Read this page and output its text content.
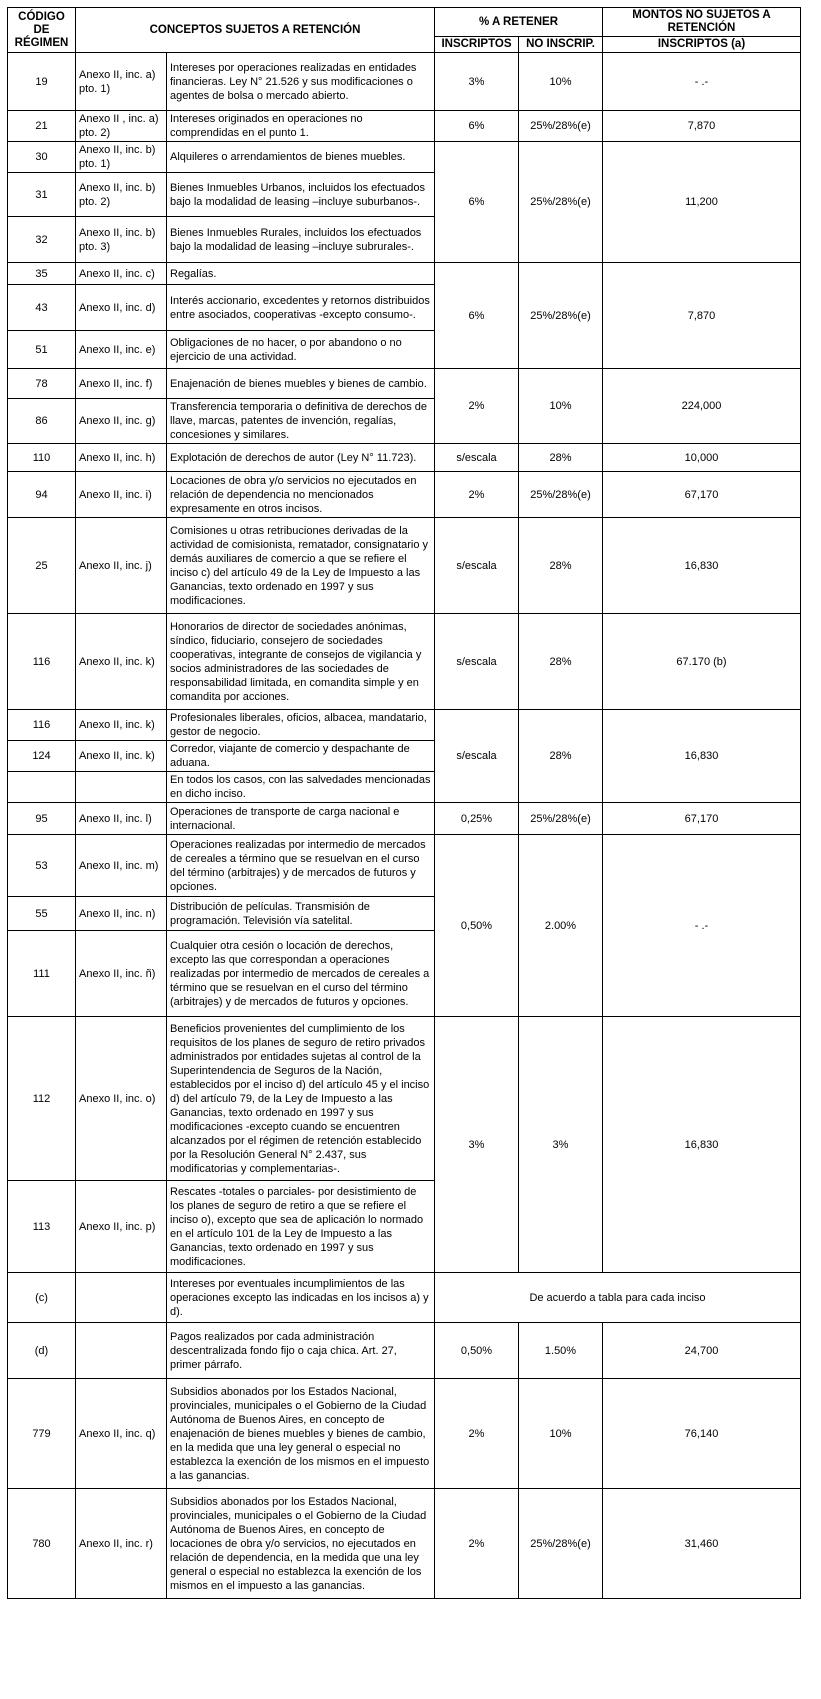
CÓDIGO DE RÉGIMEN	CONCEPTOS SUJETOS A RETENCIÓN		% A RETENER		MONTOS NO SUJETOS A RETENCIÓN
			INSCRIPTOS	NO INSCRIP.	INSCRIPTOS (a)
19	Anexo II, inc. a) pto. 1)	Intereses por operaciones realizadas en entidades financieras. Ley N° 21.526 y sus modificaciones o agentes de bolsa o mercado abierto.	3%	10%	- .-
21	Anexo II , inc. a) pto. 2)	Intereses originados en operaciones no comprendidas en el punto 1.	6%	25%/28%(e)	7,870
30	Anexo II, inc. b) pto. 1)	Alquileres o arrendamientos de bienes muebles.	6%	25%/28%(e)	11,200
31	Anexo II, inc. b) pto. 2)	Bienes Inmuebles Urbanos, incluidos los efectuados bajo la modalidad de leasing –incluye suburbanos-.			
32	Anexo II, inc. b) pto. 3)	Bienes Inmuebles Rurales, incluidos los efectuados bajo la modalidad de leasing –incluye subrurales-.			
35	Anexo II, inc. c)	Regalías.	6%	25%/28%(e)	7,870
43	Anexo II, inc. d)	Interés accionario, excedentes y retornos distribuidos entre asociados, cooperativas -excepto consumo-.			
51	Anexo II, inc. e)	Obligaciones de no hacer, o por abandono o no ejercicio de una actividad.			
78	Anexo II, inc. f)	Enajenación de bienes muebles y bienes de cambio.	2%	10%	224,000
86	Anexo II, inc. g)	Transferencia temporaria o definitiva de derechos de llave, marcas, patentes de invención, regalías, concesiones y similares.			
110	Anexo II, inc. h)	Explotación de derechos de autor (Ley N° 11.723).	s/escala	28%	10,000
94	Anexo II, inc. i)	Locaciones de obra y/o servicios no ejecutados en relación de dependencia no mencionados expresamente en otros incisos.	2%	25%/28%(e)	67,170
25	Anexo II, inc. j)	Comisiones u otras retribuciones derivadas de la actividad de comisionista, rematador, consignatario y demás auxiliares de comercio a que se refiere el inciso c) del artículo 49 de la Ley de Impuesto a las Ganancias, texto ordenado en 1997 y sus modificaciones.	s/escala	28%	16,830
116	Anexo II, inc. k)	Honorarios de director de sociedades anónimas, síndico, fiduciario, consejero de sociedades cooperativas, integrante de consejos de vigilancia y socios administradores de las sociedades de responsabilidad limitada, en comandita simple y en comandita por acciones.	s/escala	28%	67.170 (b)
116	Anexo II, inc. k)	Profesionales liberales, oficios, albacea, mandatario, gestor de negocio.	s/escala	28%	16,830
124	Anexo II, inc. k)	Corredor, viajante de comercio y despachante de aduana.			
		En todos los casos, con las salvedades mencionadas en dicho inciso.			
95	Anexo II, inc. l)	Operaciones de transporte de carga nacional e internacional.	0,25%	25%/28%(e)	67,170
53	Anexo II, inc. m)	Operaciones realizadas por intermedio de mercados de cereales a término que se resuelvan en el curso del término (arbitrajes) y de mercados de futuros y opciones.	0,50%	2.00%	- .-
55	Anexo II, inc. n)	Distribución de películas. Transmisión de programación. Televisión vía satelital.			
111	Anexo II, inc. ñ)	Cualquier otra cesión o locación de derechos, excepto las que correspondan a operaciones realizadas por intermedio de mercados de cereales a término que se resuelvan en el curso del término (arbitrajes) y de mercados de futuros y opciones.			
112	Anexo II, inc. o)	Beneficios provenientes del cumplimiento de los requisitos de los planes de seguro de retiro privados administrados por entidades sujetas al control de la Superintendencia de Seguros de la Nación, establecidos por el inciso d) del artículo 45 y el inciso d) del artículo 79, de la Ley de Impuesto a las Ganancias, texto ordenado en 1997 y sus modificaciones -excepto cuando se encuentren alcanzados por el régimen de retención establecido por la Resolución General N° 2.437, sus modificatorias y complementarias-.	3%	3%	16,830
113	Anexo II, inc. p)	Rescates -totales o parciales- por desistimiento de los planes de seguro de retiro a que se refiere el inciso o), excepto que sea de aplicación lo normado en el artículo 101 de la Ley de Impuesto a las Ganancias, texto ordenado en 1997 y sus modificaciones.			
(c)		Intereses por eventuales incumplimientos de las operaciones excepto las indicadas en los incisos a) y d).	De acuerdo a tabla para cada inciso		
(d)		Pagos realizados por cada administración descentralizada fondo fijo o caja chica. Art. 27, primer párrafo.	0,50%	1.50%	24,700
779	Anexo II, inc. q)	Subsidios abonados por los Estados Nacional, provinciales, municipales o el Gobierno de la Ciudad Autónoma de Buenos Aires, en concepto de enajenación de bienes muebles y bienes de cambio, en la medida que una ley general o especial no establezca la exención de los mismos en el impuesto a las ganancias.	2%	10%	76,140
780	Anexo II, inc. r)	Subsidios abonados por los Estados Nacional, provinciales, municipales o el Gobierno de la Ciudad Autónoma de Buenos Aires, en concepto de locaciones de obra y/o servicios, no ejecutados en relación de dependencia, en la medida que una ley general o especial no establezca la exención de los mismos en el impuesto a las ganancias.	2%	25%/28%(e)	31,460
